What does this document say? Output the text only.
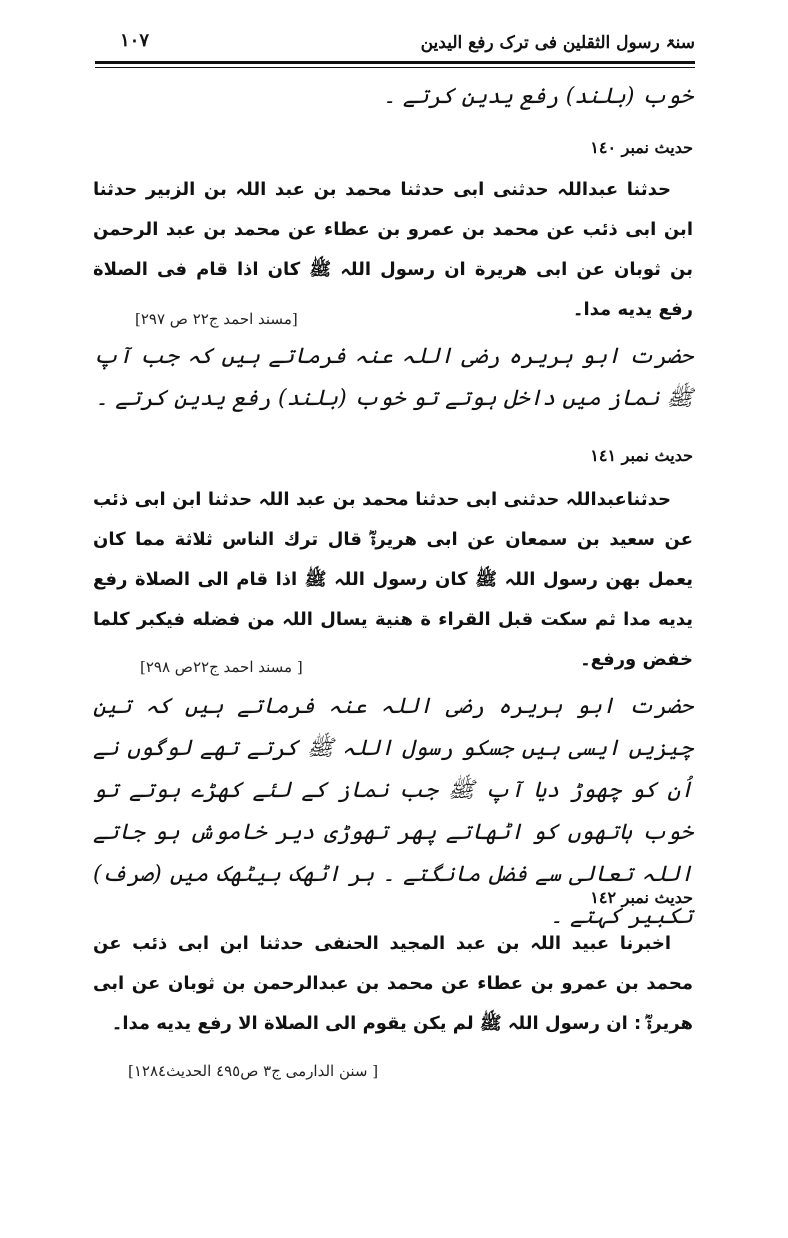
سنۃ رسول الثقلین فی ترک رفع الیدین
١٠٧
خوب (بلند) رفع یدین کرتے ۔
حدیث نمبر ١٤٠
حدثنا عبداللہ حدثنی ابی حدثنا محمد بن عبد اللہ بن الزبیر حدثنا ابن ابی ذئب عن محمد بن عمرو بن عطاء عن محمد بن عبد الرحمن بن ثوبان عن ابی هريرة ان رسول اللہ ﷺ كان اذا قام فی الصلاة رفع يديه مدا۔
[مسند احمد ج٢٢ ص ٢٩٧]
حضرت ابو ہریرہ رضی اللہ عنہ فرماتے ہیں کہ جب آپ ﷺ نماز میں داخل ہوتے تو خوب (بلند) رفع یدین کرتے ۔
حدیث نمبر ١٤١
حدثناعبداللہ حدثنی ابی حدثنا محمد بن عبد اللہ حدثنا ابن ابی ذئب عن سعيد بن سمعان عن ابی هريرةؓ قال ترك الناس ثلاثة مما كان يعمل بهن رسول اللہ ﷺ كان رسول اللہ ﷺ اذا قام الی الصلاة رفع يديه مدا ثم سكت قبل القراء ة هنية يسال اللہ من فضله فيكبر كلما خفض ورفع۔
[ مسند احمد ج٢٢ص ٢٩٨]
حضرت ابو ہریرہ رضی اللہ عنہ فرماتے ہیں کہ تین چیزیں ایسی ہیں جسکو رسول اللہ ﷺ کرتے تھے لوگوں نے اُن کو چھوڑ دیا آپ ﷺ جب نماز کے لئے کھڑے ہوتے تو خوب ہاتھوں کو اٹھاتے پھر تھوڑی دیر خاموش ہو جاتے اللہ تعالی سے فضل مانگتے ۔ ہر اٹھک بیٹھک میں (صرف) تکبیر کہتے ۔
حدیث نمبر ١٤٢
اخبرنا عبيد اللہ بن عبد المجيد الحنفی حدثنا ابن ابی ذئب عن محمد بن عمرو بن عطاء عن محمد بن عبدالرحمن بن ثوبان عن ابی هريرةؓ : ان رسول اللہ ﷺ لم يكن يقوم الی الصلاة الا رفع يديه مدا۔
[ سنن الدارمی ج٣ ص٤٩٥ الحديث١٢٨٤]
